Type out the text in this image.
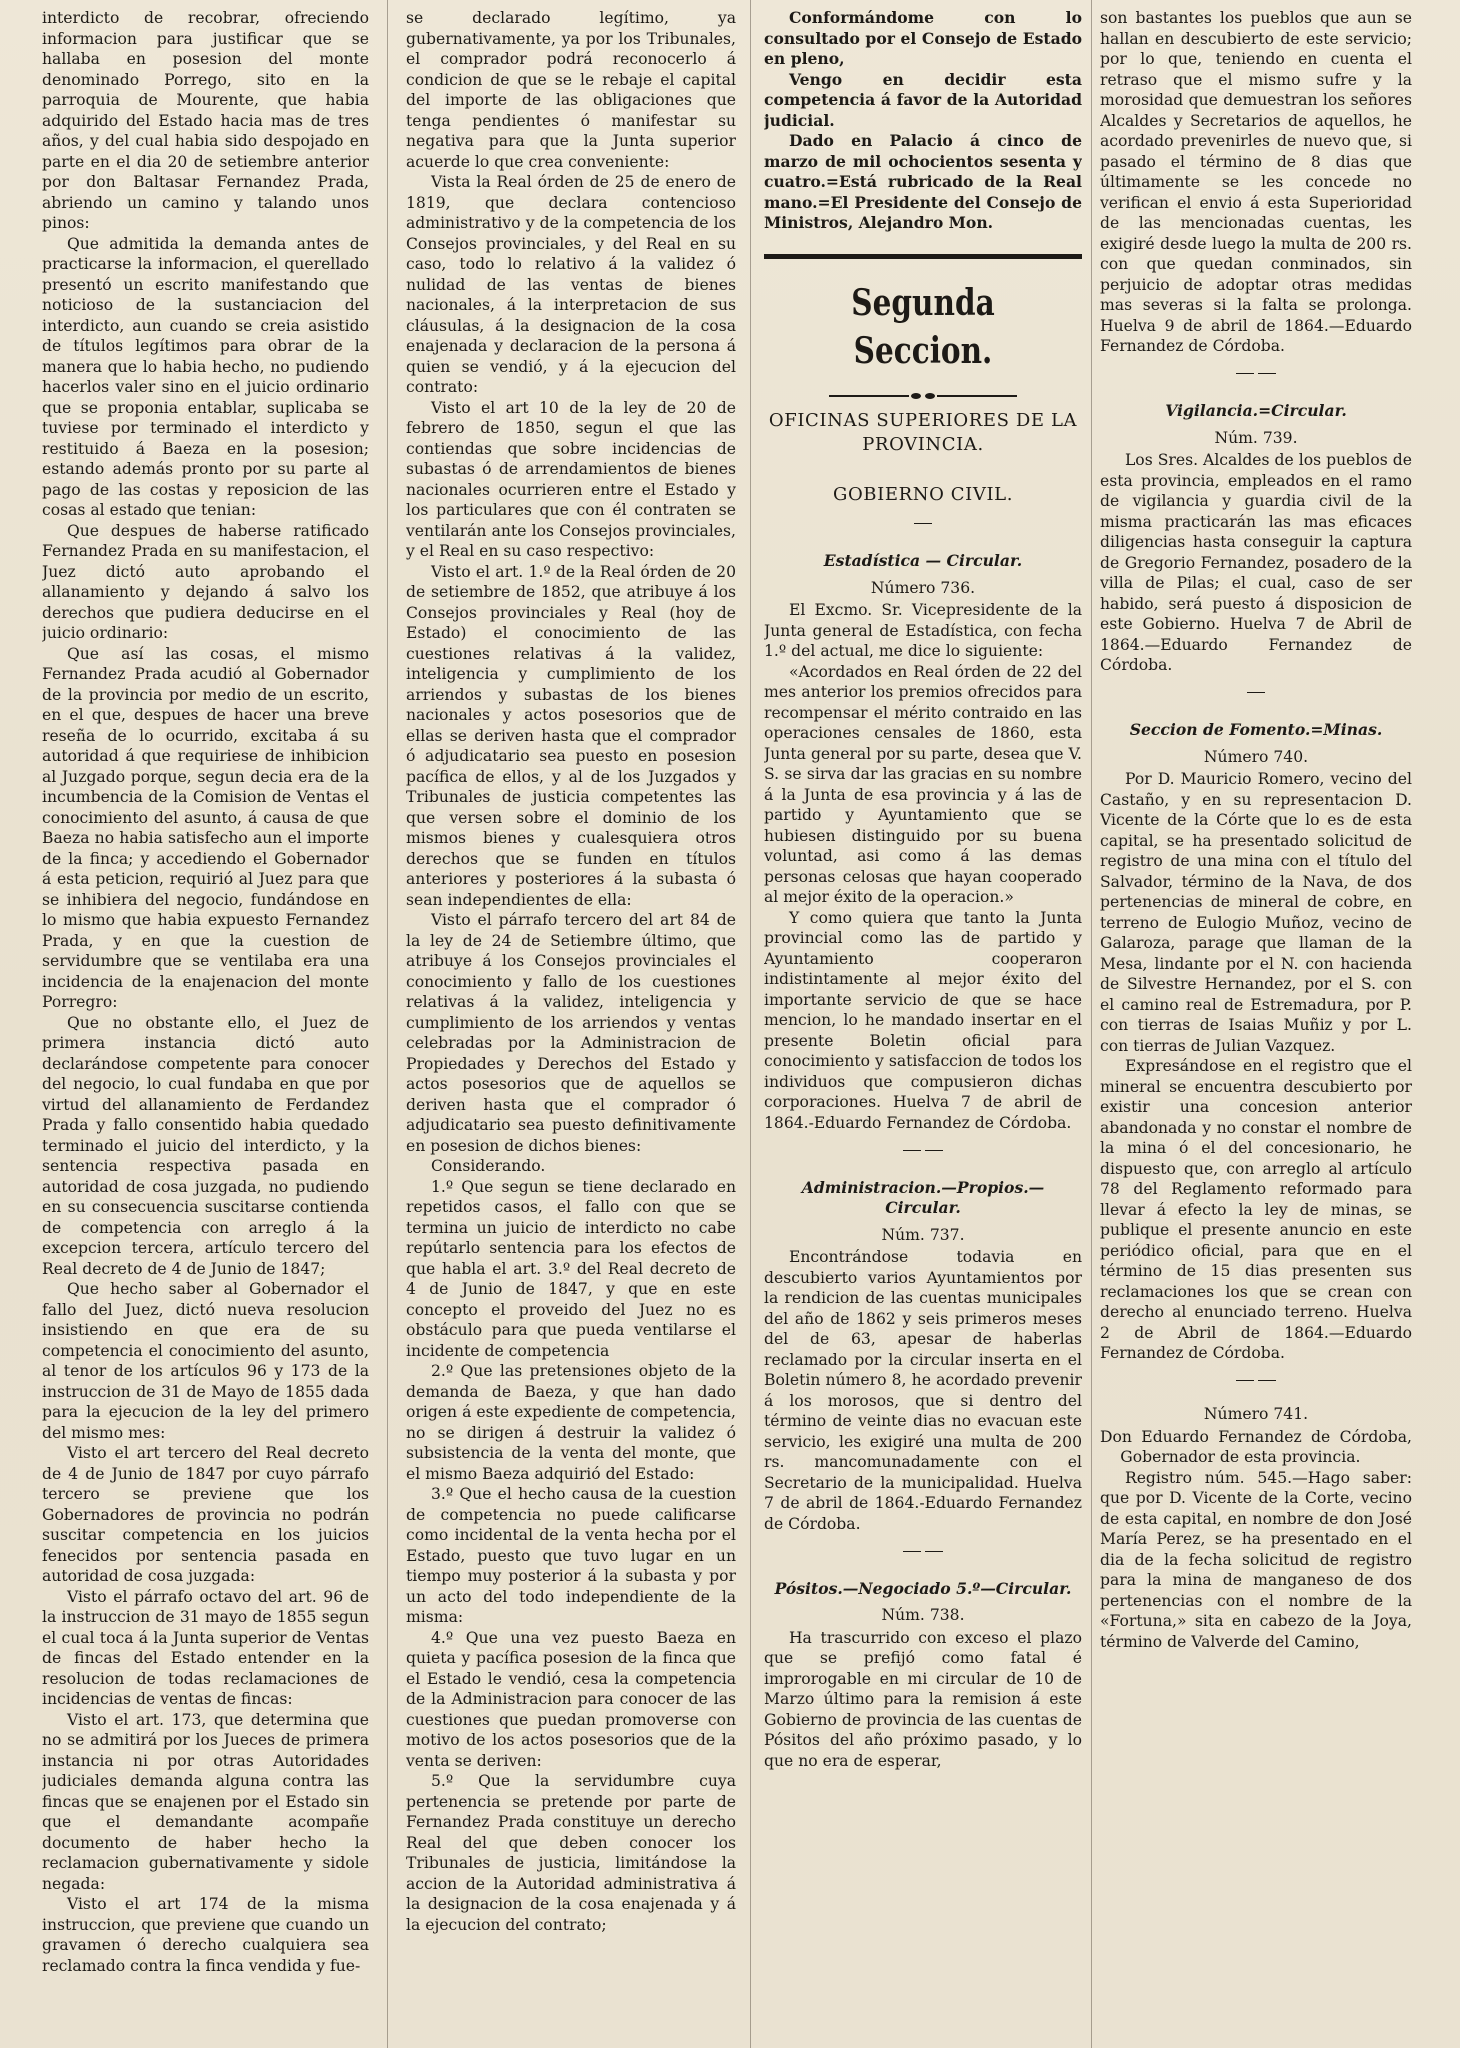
interdicto de recobrar, ofreciendo informacion para justificar que se hallaba en posesion del monte denominado Porrego, sito en la parroquia de Mourente, que habia adquirido del Estado hacia mas de tres años, y del cual habia sido despojado en parte en el dia 20 de setiembre anterior por don Baltasar Fernandez Prada, abriendo un camino y talando unos pinos:

Que admitida la demanda antes de practicarse la informacion, el querellado presentó un escrito manifestando que noticioso de la sustanciacion del interdicto, aun cuando se creia asistido de títulos legítimos para obrar de la manera que lo habia hecho, no pudiendo hacerlos valer sino en el juicio ordinario que se proponia entablar, suplicaba se tuviese por terminado el interdicto y restituido á Baeza en la posesion; estando además pronto por su parte al pago de las costas y reposicion de las cosas al estado que tenian:

Que despues de haberse ratificado Fernandez Prada en su manifestacion, el Juez dictó auto aprobando el allanamiento y dejando á salvo los derechos que pudiera deducirse en el juicio ordinario:

Que así las cosas, el mismo Fernandez Prada acudió al Gobernador de la provincia por medio de un escrito, en el que, despues de hacer una breve reseña de lo ocurrido, excitaba á su autoridad á que requiriese de inhibicion al Juzgado porque, segun decia era de la incumbencia de la Comision de Ventas el conocimiento del asunto, á causa de que Baeza no habia satisfecho aun el importe de la finca; y accediendo el Gobernador á esta peticion, requirió al Juez para que se inhibiera del negocio, fundándose en lo mismo que habia expuesto Fernandez Prada, y en que la cuestion de servidumbre que se ventilaba era una incidencia de la enajenacion del monte Porregro:

Que no obstante ello, el Juez de primera instancia dictó auto declarándose competente para conocer del negocio, lo cual fundaba en que por virtud del allanamiento de Ferdandez Prada y fallo consentido habia quedado terminado el juicio del interdicto, y la sentencia respectiva pasada en autoridad de cosa juzgada, no pudiendo en su consecuencia suscitarse contienda de competencia con arreglo á la excepcion tercera, artículo tercero del Real decreto de 4 de Junio de 1847;

Que hecho saber al Gobernador el fallo del Juez, dictó nueva resolucion insistiendo en que era de su competencia el conocimiento del asunto, al tenor de los artículos 96 y 173 de la instruccion de 31 de Mayo de 1855 dada para la ejecucion de la ley del primero del mismo mes:

Visto el art tercero del Real decreto de 4 de Junio de 1847 por cuyo párrafo tercero se previene que los Gobernadores de provincia no podrán suscitar competencia en los juicios fenecidos por sentencia pasada en autoridad de cosa juzgada:

Visto el párrafo octavo del art. 96 de la instruccion de 31 mayo de 1855 segun el cual toca á la Junta superior de Ventas de fincas del Estado entender en la resolucion de todas reclamaciones de incidencias de ventas de fincas:

Visto el art. 173, que determina que no se admitirá por los Jueces de primera instancia ni por otras Autoridades judiciales demanda alguna contra las fincas que se enajenen por el Estado sin que el demandante acompañe documento de haber hecho la reclamacion gubernativamente y sidole negada:

Visto el art 174 de la misma instruccion, que previene que cuando un gravamen ó derecho cualquiera sea reclamado contra la finca vendida y fue-

se declarado legítimo, ya gubernativamente, ya por los Tribunales, el comprador podrá reconocerlo á condicion de que se le rebaje el capital del importe de las obligaciones que tenga pendientes ó manifestar su negativa para que la Junta superior acuerde lo que crea conveniente:

Vista la Real órden de 25 de enero de 1819, que declara contencioso administrativo y de la competencia de los Consejos provinciales, y del Real en su caso, todo lo relativo á la validez ó nulidad de las ventas de bienes nacionales, á la interpretacion de sus cláusulas, á la designacion de la cosa enajenada y declaracion de la persona á quien se vendió, y á la ejecucion del contrato:

Visto el art 10 de la ley de 20 de febrero de 1850, segun el que las contiendas que sobre incidencias de subastas ó de arrendamientos de bienes nacionales ocurrieren entre el Estado y los particulares que con él contraten se ventilarán ante los Consejos provinciales, y el Real en su caso respectivo:

Visto el art. 1.º de la Real órden de 20 de setiembre de 1852, que atribuye á los Consejos provinciales y Real (hoy de Estado) el conocimiento de las cuestiones relativas á la validez, inteligencia y cumplimiento de los arriendos y subastas de los bienes nacionales y actos posesorios que de ellas se deriven hasta que el comprador ó adjudicatario sea puesto en posesion pacífica de ellos, y al de los Juzgados y Tribunales de justicia competentes las que versen sobre el dominio de los mismos bienes y cualesquiera otros derechos que se funden en títulos anteriores y posteriores á la subasta ó sean independientes de ella:

Visto el párrafo tercero del art 84 de la ley de 24 de Setiembre último, que atribuye á los Consejos provinciales el conocimiento y fallo de los cuestiones relativas á la validez, inteligencia y cumplimiento de los arriendos y ventas celebradas por la Administracion de Propiedades y Derechos del Estado y actos posesorios que de aquellos se deriven hasta que el comprador ó adjudicatario sea puesto definitivamente en posesion de dichos bienes:

Considerando.

1.º Que segun se tiene declarado en repetidos casos, el fallo con que se termina un juicio de interdicto no cabe repútarlo sentencia para los efectos de que habla el art. 3.º del Real decreto de 4 de Junio de 1847, y que en este concepto el proveido del Juez no es obstáculo para que pueda ventilarse el incidente de competencia

2.º Que las pretensiones objeto de la demanda de Baeza, y que han dado origen á este expediente de competencia, no se dirigen á destruir la validez ó subsistencia de la venta del monte, que el mismo Baeza adquirió del Estado:

3.º Que el hecho causa de la cuestion de competencia no puede calificarse como incidental de la venta hecha por el Estado, puesto que tuvo lugar en un tiempo muy posterior á la subasta y por un acto del todo independiente de la misma:

4.º Que una vez puesto Baeza en quieta y pacífica posesion de la finca que el Estado le vendió, cesa la competencia de la Administracion para conocer de las cuestiones que puedan promoverse con motivo de los actos posesorios que de la venta se deriven:

5.º Que la servidumbre cuya pertenencia se pretende por parte de Fernandez Prada constituye un derecho Real del que deben conocer los Tribunales de justicia, limitándose la accion de la Autoridad administrativa á la designacion de la cosa enajenada y á la ejecucion del contrato;

Conformándome con lo consultado por el Consejo de Estado en pleno,

Vengo en decidir esta competencia á favor de la Autoridad judicial.

Dado en Palacio á cinco de marzo de mil ochocientos sesenta y cuatro.=Está rubricado de la Real mano.=El Presidente del Consejo de Ministros, Alejandro Mon.

Segunda Seccion.
OFICINAS SUPERIORES DE LA PROVINCIA.
GOBIERNO CIVIL.
Estadística — Circular.
Número 736.

El Excmo. Sr. Vicepresidente de la Junta general de Estadística, con fecha 1.º del actual, me dice lo siguiente:

«Acordados en Real órden de 22 del mes anterior los premios ofrecidos para recompensar el mérito contraido en las operaciones censales de 1860, esta Junta general por su parte, desea que V. S. se sirva dar las gracias en su nombre á la Junta de esa provincia y á las de partido y Ayuntamiento que se hubiesen distinguido por su buena voluntad, asi como á las demas personas celosas que hayan cooperado al mejor éxito de la operacion.»

Y como quiera que tanto la Junta provincial como las de partido y Ayuntamiento cooperaron indistintamente al mejor éxito del importante servicio de que se hace mencion, lo he mandado insertar en el presente Boletin oficial para conocimiento y satisfaccion de todos los individuos que compusieron dichas corporaciones. Huelva 7 de abril de 1864.-Eduardo Fernandez de Córdoba.

Administracion.—Propios.—Circular.
Núm. 737.

Encontrándose todavia en descubierto varios Ayuntamientos por la rendicion de las cuentas municipales del año de 1862 y seis primeros meses del de 63, apesar de haberlas reclamado por la circular inserta en el Boletin número 8, he acordado prevenir á los morosos, que si dentro del término de veinte dias no evacuan este servicio, les exigiré una multa de 200 rs. mancomunadamente con el Secretario de la municipalidad. Huelva 7 de abril de 1864.-Eduardo Fernandez de Córdoba.

Pósitos.—Negociado 5.º—Circular.
Núm. 738.

Ha trascurrido con exceso el plazo que se prefijó como fatal é improrogable en mi circular de 10 de Marzo último para la remision á este Gobierno de provincia de las cuentas de Pósitos del año próximo pasado, y lo que no era de esperar,

son bastantes los pueblos que aun se hallan en descubierto de este servicio; por lo que, teniendo en cuenta el retraso que el mismo sufre y la morosidad que demuestran los señores Alcaldes y Secretarios de aquellos, he acordado prevenirles de nuevo que, si pasado el término de 8 dias que últimamente se les concede no verifican el envio á esta Superioridad de las mencionadas cuentas, les exigiré desde luego la multa de 200 rs. con que quedan conminados, sin perjuicio de adoptar otras medidas mas severas si la falta se prolonga. Huelva 9 de abril de 1864.—Eduardo Fernandez de Córdoba.

Vigilancia.=Circular.
Núm. 739.

Los Sres. Alcaldes de los pueblos de esta provincia, empleados en el ramo de vigilancia y guardia civil de la misma practicarán las mas eficaces diligencias hasta conseguir la captura de Gregorio Fernandez, posadero de la villa de Pilas; el cual, caso de ser habido, será puesto á disposicion de este Gobierno. Huelva 7 de Abril de 1864.—Eduardo Fernandez de Córdoba.

Seccion de Fomento.=Minas.
Número 740.

Por D. Mauricio Romero, vecino del Castaño, y en su representacion D. Vicente de la Córte que lo es de esta capital, se ha presentado solicitud de registro de una mina con el título del Salvador, término de la Nava, de dos pertenencias de mineral de cobre, en terreno de Eulogio Muñoz, vecino de Galaroza, parage que llaman de la Mesa, lindante por el N. con hacienda de Silvestre Hernandez, por el S. con el camino real de Estremadura, por P. con tierras de Isaias Muñiz y por L. con tierras de Julian Vazquez.

Expresándose en el registro que el mineral se encuentra descubierto por existir una concesion anterior abandonada y no constar el nombre de la mina ó el del concesionario, he dispuesto que, con arreglo al artículo 78 del Reglamento reformado para llevar á efecto la ley de minas, se publique el presente anuncio en este periódico oficial, para que en el término de 15 dias presenten sus reclamaciones los que se crean con derecho al enunciado terreno. Huelva 2 de Abril de 1864.—Eduardo Fernandez de Córdoba.

Número 741.

Don Eduardo Fernandez de Córdoba, Gobernador de esta provincia.

Registro núm. 545.—Hago saber: que por D. Vicente de la Corte, vecino de esta capital, en nombre de don José María Perez, se ha presentado en el dia de la fecha solicitud de registro para la mina de manganeso de dos pertenencias con el nombre de la «Fortuna,» sita en cabezo de la Joya, término de Valverde del Camino,
